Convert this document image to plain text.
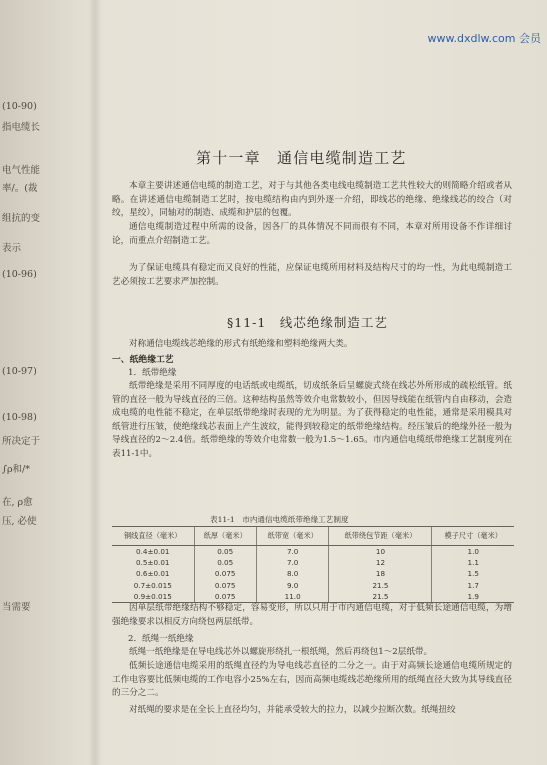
www.dxdlw.com 会员
(10-90)
指电缆长
电气性能
率/。(裁
组抗的变
表示
(10-96)
(10-97)
(10-98)
所决定于
∫ρ和/*
在, ρ愈
压, 必使
当需要
第十一章　通信电缆制造工艺

本章主要讲述通信电缆的制造工艺，对于与其他各类电线电缆制造工艺共性较大的则简略介绍或者从略。在讲述通信电缆制造工艺时，按电缆结构由内到外逐一介绍，即线芯的绝缘、绝缘线芯的绞合（对绞，星绞），同轴对的制造、成缆和护层的包覆。

通信电缆制造过程中所需的设备，因各厂的具体情况不同而很有不同，本章对所用设备不作详细讨论，而重点介绍制造工艺。

为了保证电缆具有稳定而又良好的性能，应保证电缆所用材料及结构尺寸的均一性，为此电缆制造工艺必须按工艺要求严加控制。

§11-1　线芯绝缘制造工艺

对称通信电缆线芯绝缘的形式有纸绝缘和塑料绝缘两大类。

一、纸绝缘工艺
1．纸带绝缘

纸带绝缘是采用不同厚度的电话纸或电缆纸，切成纸条后呈螺旋式绕在线芯外所形成的疏松纸管。纸管的直径一般为导线直径的三倍。这种结构虽然等效介电常数较小，但因导线能在纸管内自由移动，会造成电缆的电性能不稳定，在单层纸带绝缘时表现的尤为明显。为了获得稳定的电性能，通常是采用模具对纸管进行压皱，使绝缘线芯表面上产生波纹，能得到较稳定的纸带绝缘结构。经压皱后的绝缘外径一般为导线直径的2～2.4倍。纸带绝缘的等效介电常数一般为1.5～1.65。市内通信电缆纸带绝缘工艺制度列在表11-1中。

表11-1　市内通信电缆纸带绝缘工艺制度
铜线直径（毫米）	纸厚（毫米）	纸带宽（毫米）	纸带绕包节距（毫米）	模子尺寸（毫米）
0.4±0.01	0.05	7.0	10	1.0
0.5±0.01	0.05	7.0	12	1.1
0.6±0.01	0.075	8.0	18	1.5
0.7±0.015	0.075	9.0	21.5	1.7
0.9±0.015	0.075	11.0	21.5	1.9

因单层纸带绝缘结构不够稳定，容易变形，所以只用于市内通信电缆，对于低频长途通信电缆，为增强绝缘要求以相反方向绕包两层纸带。

2．纸绳一纸绝缘

纸绳一纸绝缘是在导电线芯外以螺旋形绕扎一根纸绳，然后再绕包1～2层纸带。

低频长途通信电缆采用的纸绳直径约为导电线芯直径的二分之一。由于对高频长途通信电缆所规定的工作电容要比低频电缆的工作电容小25%左右，因而高频电缆线芯绝缘所用的纸绳直径大致为其导线直径的三分之二。

对纸绳的要求是在全长上直径均匀，并能承受较大的拉力，以减少拉断次数。纸绳扭绞
